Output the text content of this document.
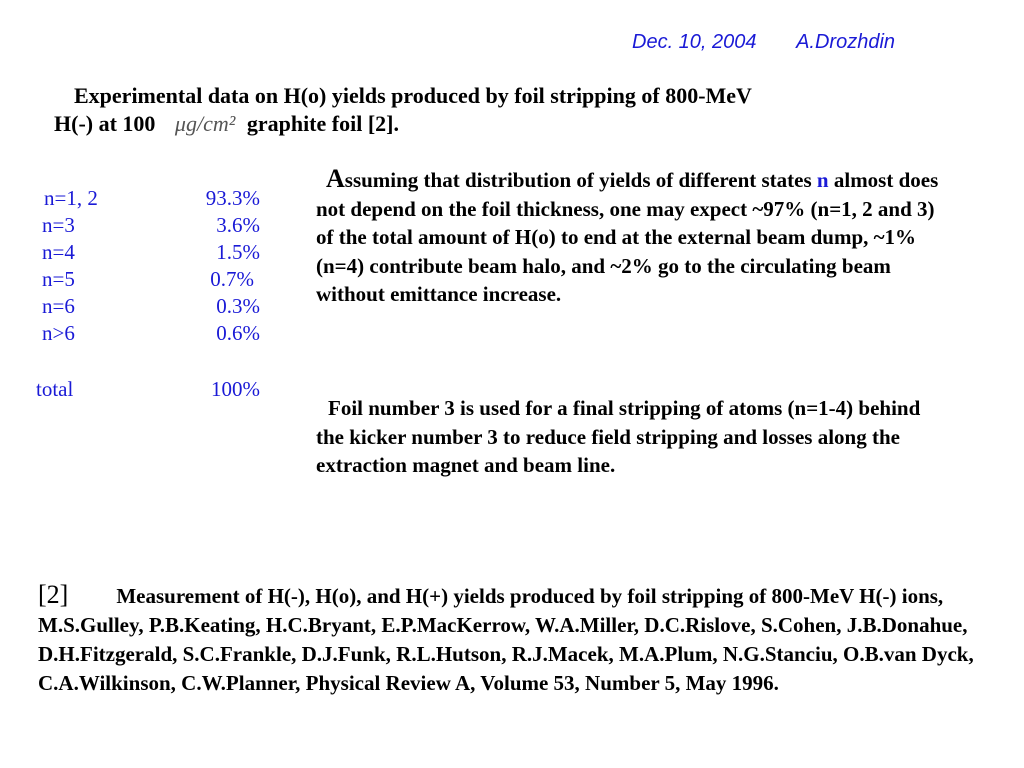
Dec. 10, 2004 A.Drozhdin
Experimental data on H(o) yields produced by foil stripping of 800-MeV
H(-) at 100 μg/cm² graphite foil [2].
n=1, 2	93.3%
n=3	3.6%
n=4	1.5%
n=5	0.7%
n=6	0.3%
n>6	0.6%
total	100%
Assuming that distribution of yields of different states n almost does not depend on the foil thickness, one may expect ~97% (n=1, 2 and 3) of the total amount of H(o) to end at the external beam dump, ~1% (n=4) contribute beam halo, and ~2% go to the circulating beam without emittance increase.
Foil number 3 is used for a final stripping of atoms (n=1-4) behind the kicker number 3 to reduce field stripping and losses along the extraction magnet and beam line.
[2] Measurement of H(-), H(o), and H(+) yields produced by foil stripping of 800-MeV H(-) ions, M.S.Gulley, P.B.Keating, H.C.Bryant, E.P.MacKerrow, W.A.Miller, D.C.Rislove, S.Cohen, J.B.Donahue, D.H.Fitzgerald, S.C.Frankle, D.J.Funk, R.L.Hutson, R.J.Macek, M.A.Plum, N.G.Stanciu, O.B.van Dyck, C.A.Wilkinson, C.W.Planner, Physical Review A, Volume 53, Number 5, May 1996.
